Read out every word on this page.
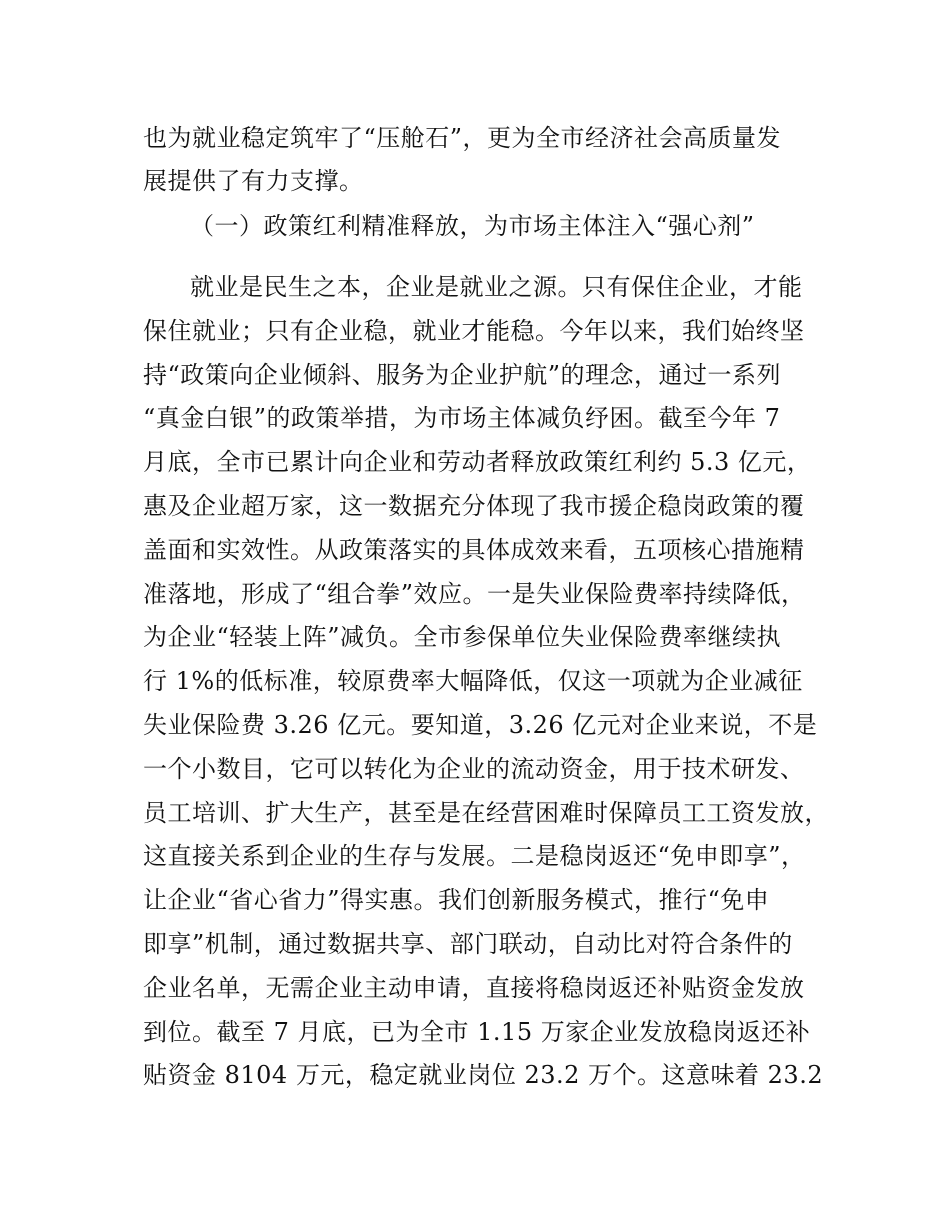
也为就业稳定筑牢了“压舱石”，更为全市经济社会高质量发
展提供了有力支撑。
（一）政策红利精准释放，为市场主体注入“强心剂”
就业是民生之本，企业是就业之源。只有保住企业，才能
保住就业；只有企业稳，就业才能稳。今年以来，我们始终坚
持“政策向企业倾斜、服务为企业护航”的理念，通过一系列
“真金白银”的政策举措，为市场主体减负纾困。截至今年 7
月底，全市已累计向企业和劳动者释放政策红利约 5.3 亿元，
惠及企业超万家，这一数据充分体现了我市援企稳岗政策的覆
盖面和实效性。从政策落实的具体成效来看，五项核心措施精
准落地，形成了“组合拳”效应。一是失业保险费率持续降低，
为企业“轻装上阵”减负。全市参保单位失业保险费率继续执
行 1%的低标准，较原费率大幅降低，仅这一项就为企业减征
失业保险费 3.26 亿元。要知道，3.26 亿元对企业来说，不是
一个小数目，它可以转化为企业的流动资金，用于技术研发、
员工培训、扩大生产，甚至是在经营困难时保障员工工资发放，
这直接关系到企业的生存与发展。二是稳岗返还“免申即享”，
让企业“省心省力”得实惠。我们创新服务模式，推行“免申
即享”机制，通过数据共享、部门联动，自动比对符合条件的
企业名单，无需企业主动申请，直接将稳岗返还补贴资金发放
到位。截至 7 月底，已为全市 1.15 万家企业发放稳岗返还补
贴资金 8104 万元，稳定就业岗位 23.2 万个。这意味着 23.2
